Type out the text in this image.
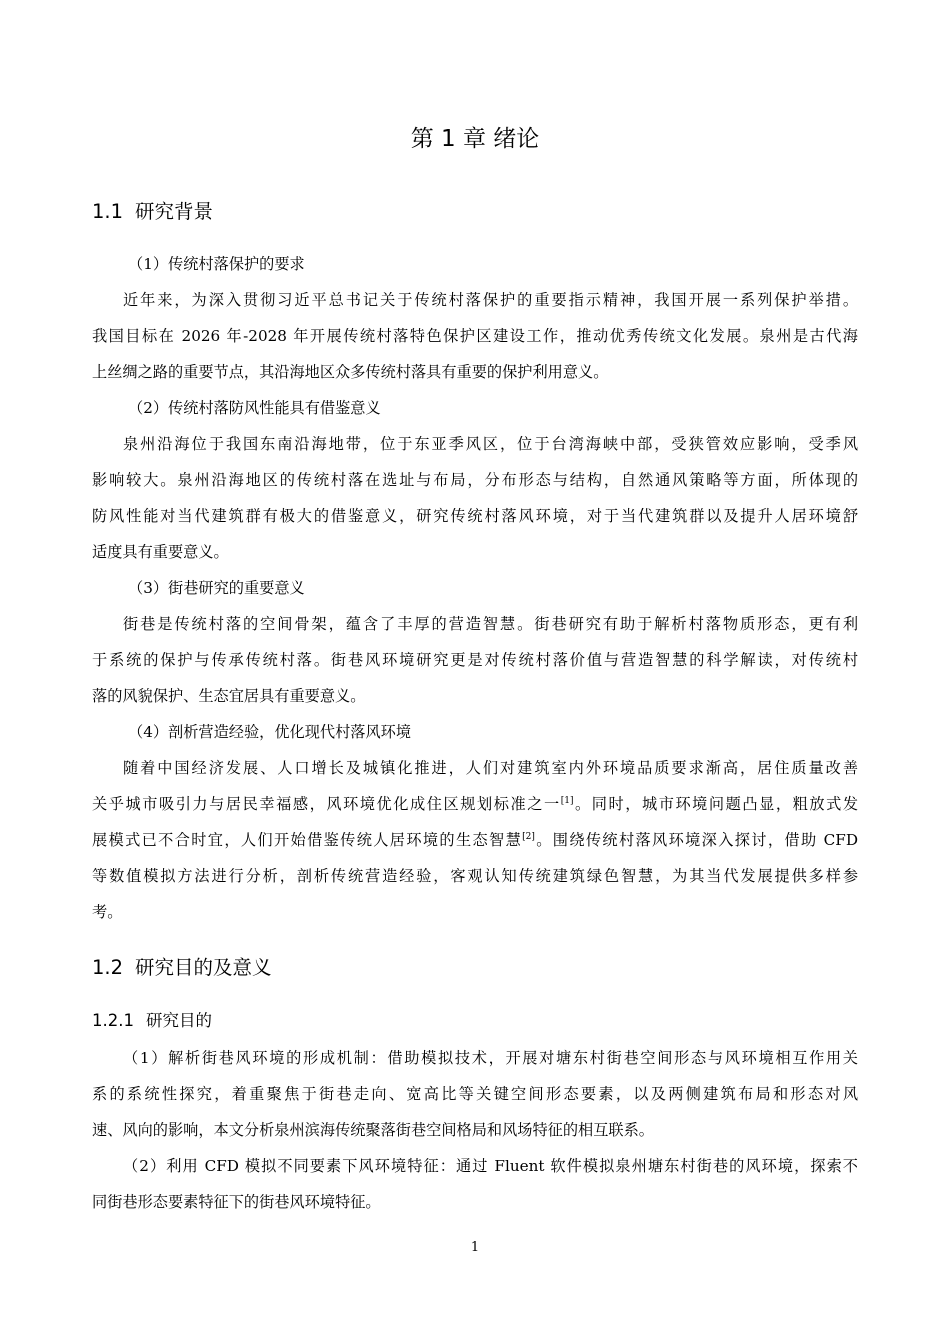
第 1 章 绪论
1.1 研究背景
（1）传统村落保护的要求
近年来，为深入贯彻习近平总书记关于传统村落保护的重要指示精神，我国开展一系列保护举措。
我国目标在 2026 年-2028 年开展传统村落特色保护区建设工作，推动优秀传统文化发展。泉州是古代海
上丝绸之路的重要节点，其沿海地区众多传统村落具有重要的保护利用意义。
（2）传统村落防风性能具有借鉴意义
泉州沿海位于我国东南沿海地带，位于东亚季风区，位于台湾海峡中部，受狭管效应影响，受季风
影响较大。泉州沿海地区的传统村落在选址与布局，分布形态与结构，自然通风策略等方面，所体现的
防风性能对当代建筑群有极大的借鉴意义，研究传统村落风环境，对于当代建筑群以及提升人居环境舒
适度具有重要意义。
（3）街巷研究的重要意义
街巷是传统村落的空间骨架，蕴含了丰厚的营造智慧。街巷研究有助于解析村落物质形态，更有利
于系统的保护与传承传统村落。街巷风环境研究更是对传统村落价值与营造智慧的科学解读，对传统村
落的风貌保护、生态宜居具有重要意义。
（4）剖析营造经验，优化现代村落风环境
随着中国经济发展、人口增长及城镇化推进，人们对建筑室内外环境品质要求渐高，居住质量改善
关乎城市吸引力与居民幸福感，风环境优化成住区规划标准之一[1]。同时，城市环境问题凸显，粗放式发
展模式已不合时宜，人们开始借鉴传统人居环境的生态智慧[2]。围绕传统村落风环境深入探讨，借助 CFD
等数值模拟方法进行分析，剖析传统营造经验，客观认知传统建筑绿色智慧，为其当代发展提供多样参
考。
1.2 研究目的及意义
1.2.1 研究目的
（1）解析街巷风环境的形成机制：借助模拟技术，开展对塘东村街巷空间形态与风环境相互作用关
系的系统性探究，着重聚焦于街巷走向、宽高比等关键空间形态要素，以及两侧建筑布局和形态对风
速、风向的影响，本文分析泉州滨海传统聚落街巷空间格局和风场特征的相互联系。
（2）利用 CFD 模拟不同要素下风环境特征：通过 Fluent 软件模拟泉州塘东村街巷的风环境，探索不
同街巷形态要素特征下的街巷风环境特征。
1
